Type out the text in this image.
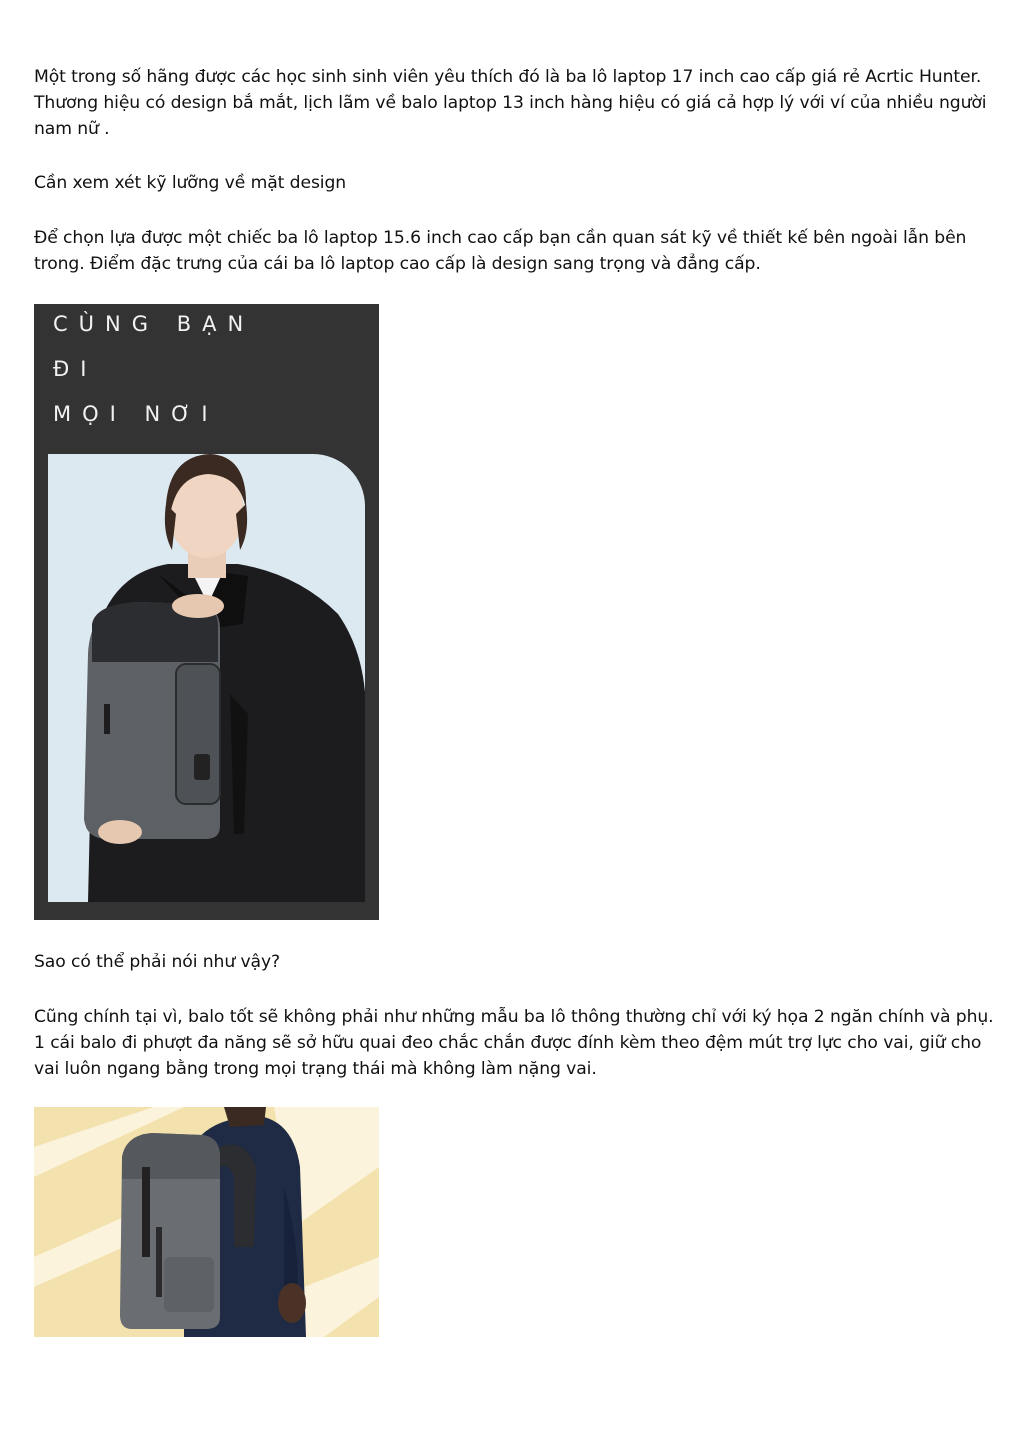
Một trong số hãng được các học sinh sinh viên yêu thích đó là ba lô laptop 17 inch cao cấp giá rẻ Acrtic Hunter. Thương hiệu có design bắ mắt, lịch lãm về balo laptop 13 inch hàng hiệu có giá cả hợp lý với ví của nhiều người nam nữ .

Cần xem xét kỹ lưỡng về mặt design

Để chọn lựa được một chiếc ba lô laptop 15.6 inch cao cấp bạn cần quan sát kỹ về thiết kế bên ngoài lẫn bên trong. Điểm đặc trưng của cái ba lô laptop cao cấp là design sang trọng và đẳng cấp.

CÙNG BẠN
ĐI
MỌI NƠI

Sao có thể phải nói như vậy?

Cũng chính tại vì, balo tốt sẽ không phải như những mẫu ba lô thông thường chỉ với ký họa 2 ngăn chính và phụ. 1 cái balo đi phượt đa năng sẽ sở hữu quai đeo chắc chắn được đính kèm theo đệm mút trợ lực cho vai, giữ cho vai luôn ngang bằng trong mọi trạng thái mà không làm nặng vai.
